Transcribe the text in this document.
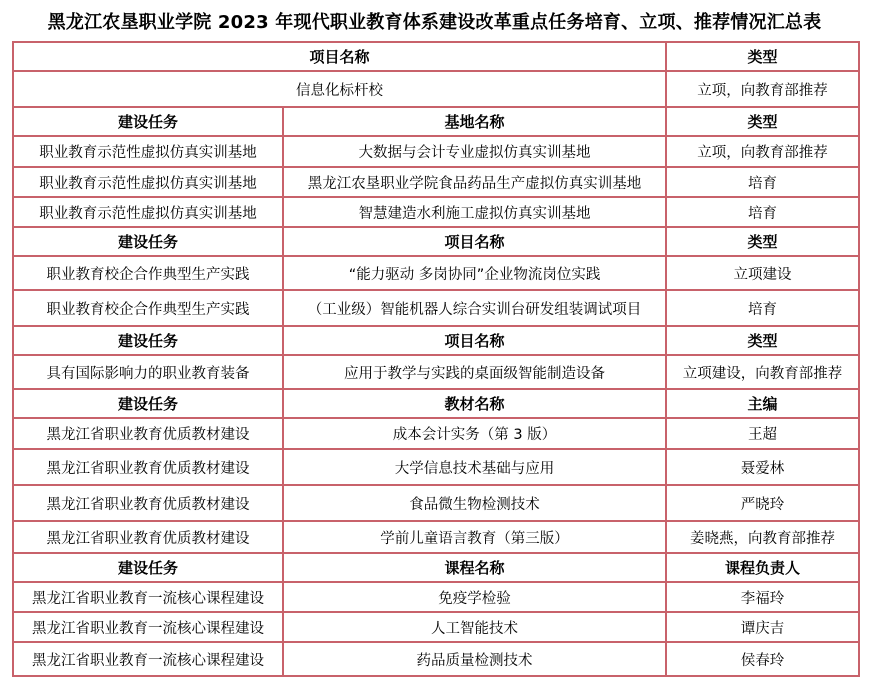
黑龙江农垦职业学院 2023 年现代职业教育体系建设改革重点任务培育、立项、推荐情况汇总表
项目名称		类型
信息化标杆校		立项，向教育部推荐
建设任务	基地名称	类型
职业教育示范性虚拟仿真实训基地	大数据与会计专业虚拟仿真实训基地	立项，向教育部推荐
职业教育示范性虚拟仿真实训基地	黑龙江农垦职业学院食品药品生产虚拟仿真实训基地	培育
职业教育示范性虚拟仿真实训基地	智慧建造水利施工虚拟仿真实训基地	培育
建设任务	项目名称	类型
职业教育校企合作典型生产实践	“能力驱动 多岗协同”企业物流岗位实践	立项建设
职业教育校企合作典型生产实践	（工业级）智能机器人综合实训台研发组装调试项目	培育
建设任务	项目名称	类型
具有国际影响力的职业教育装备	应用于教学与实践的桌面级智能制造设备	立项建设，向教育部推荐
建设任务	教材名称	主编
黑龙江省职业教育优质教材建设	成本会计实务（第 3 版）	王超
黑龙江省职业教育优质教材建设	大学信息技术基础与应用	聂爱林
黑龙江省职业教育优质教材建设	食品微生物检测技术	严晓玲
黑龙江省职业教育优质教材建设	学前儿童语言教育（第三版）	姜晓燕，向教育部推荐
建设任务	课程名称	课程负责人
黑龙江省职业教育一流核心课程建设	免疫学检验	李福玲
黑龙江省职业教育一流核心课程建设	人工智能技术	谭庆吉
黑龙江省职业教育一流核心课程建设	药品质量检测技术	侯春玲
